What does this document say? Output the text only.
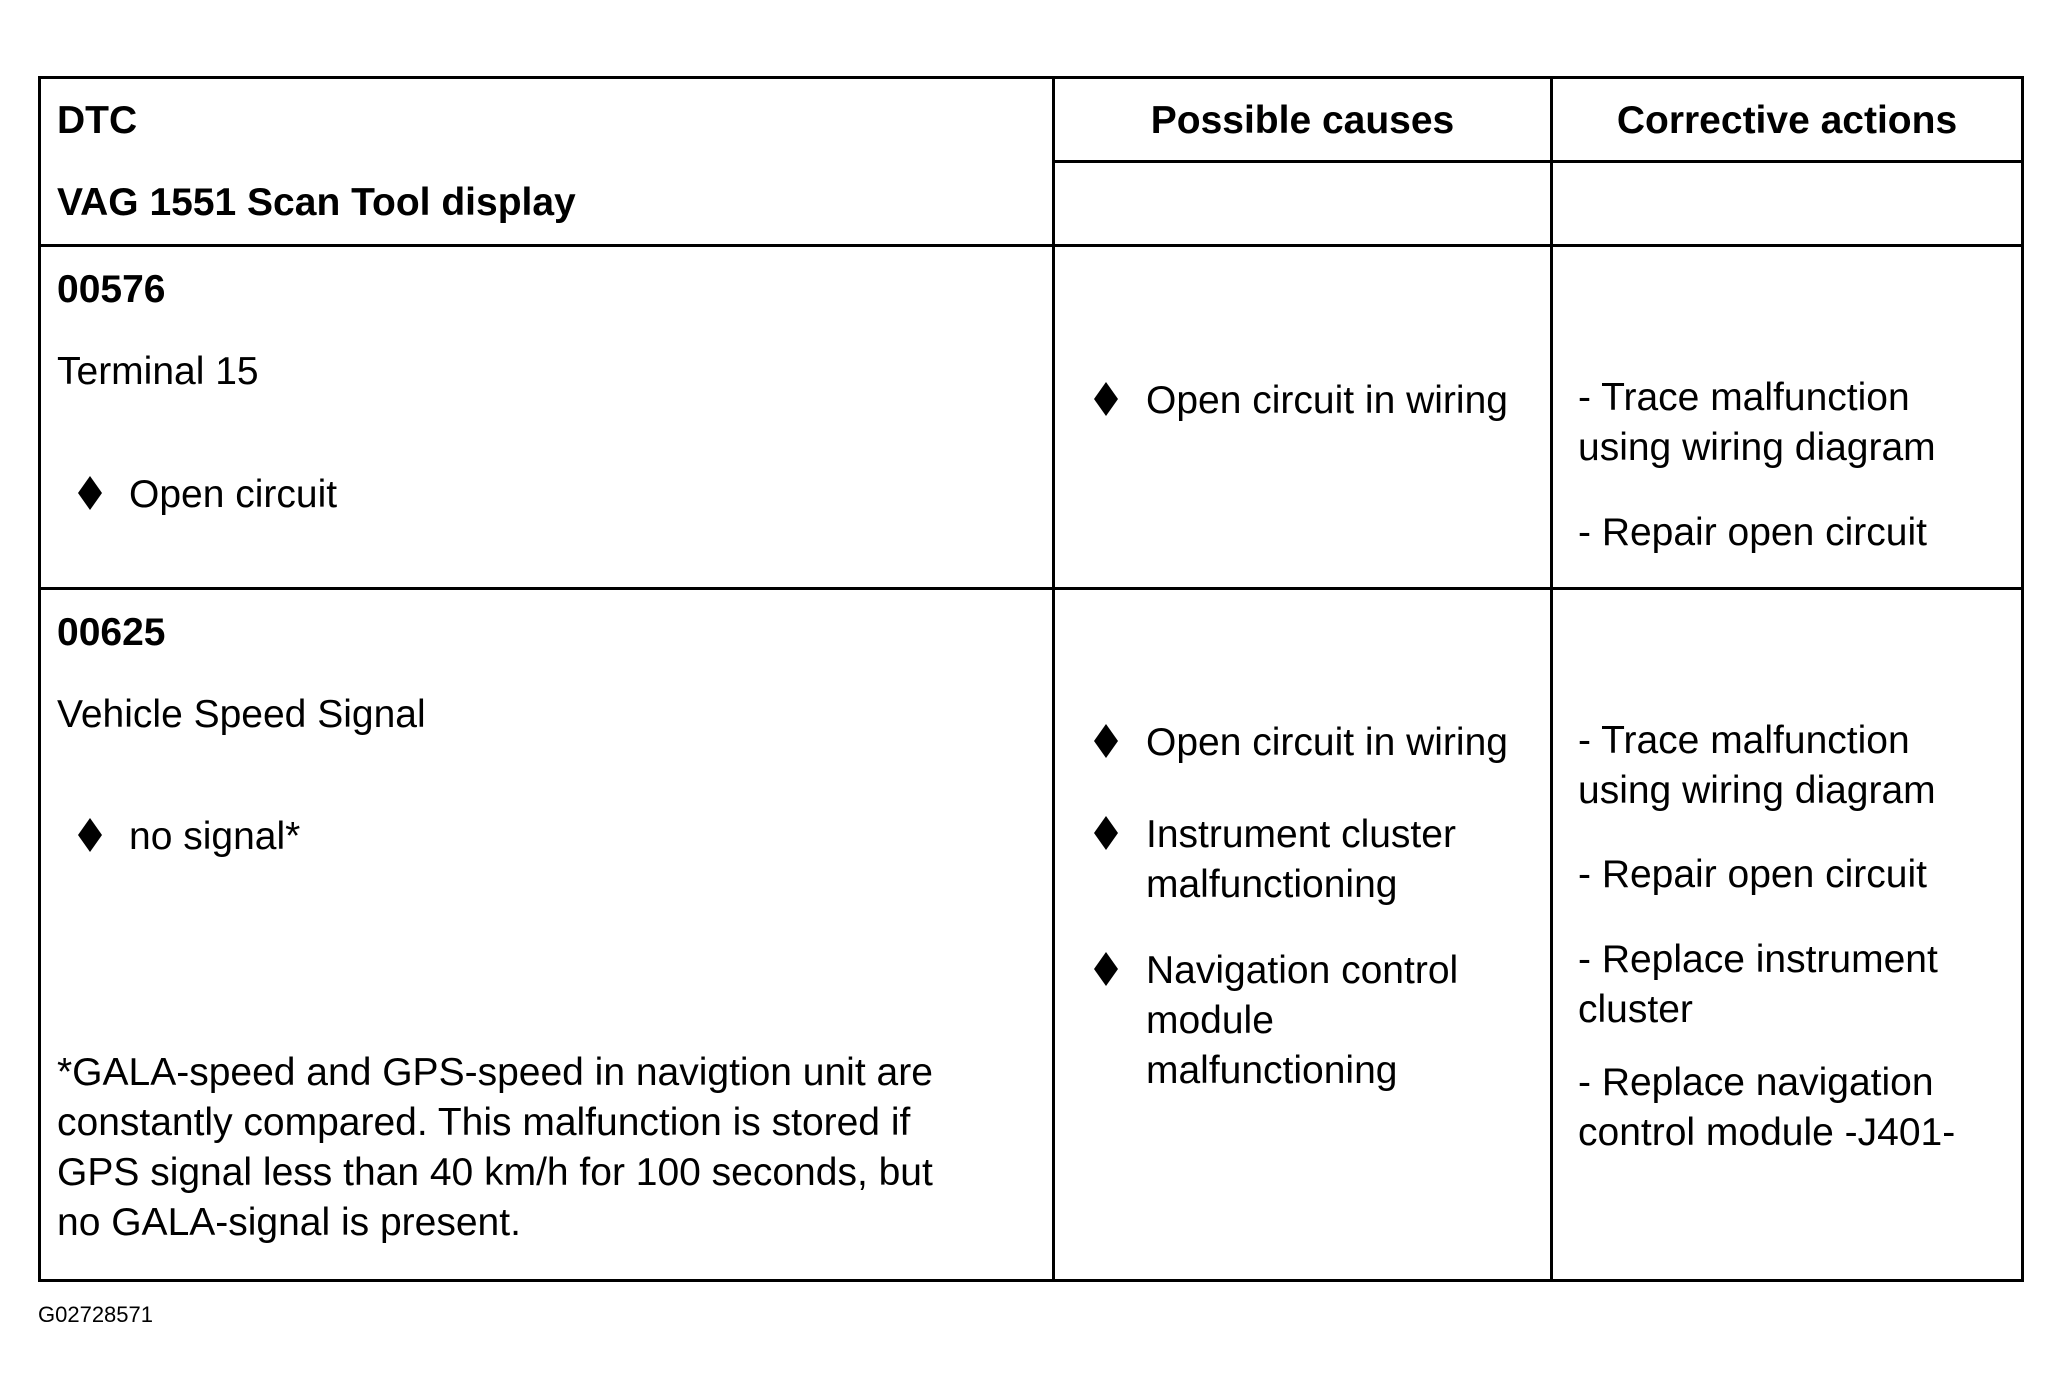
DTC
VAG 1551 Scan Tool display
Possible causes	Corrective actions
00576
Terminal 15
Open circuit
Open circuit in wiring - Trace malfunction
using wiring diagram
- Repair open circuit
00625
Vehicle Speed Signal
no signal*
*GALA-speed and GPS-speed in navigtion unit are
constantly compared. This malfunction is stored if
GPS signal less than 40 km/h for 100 seconds, but
no GALA-signal is present.
Open circuit in wiring
Instrument cluster
malfunctioning
Navigation control
module
malfunctioning
- Trace malfunction
using wiring diagram
- Repair open circuit
- Replace instrument
cluster
- Replace navigation
control module -J401-
G02728571
